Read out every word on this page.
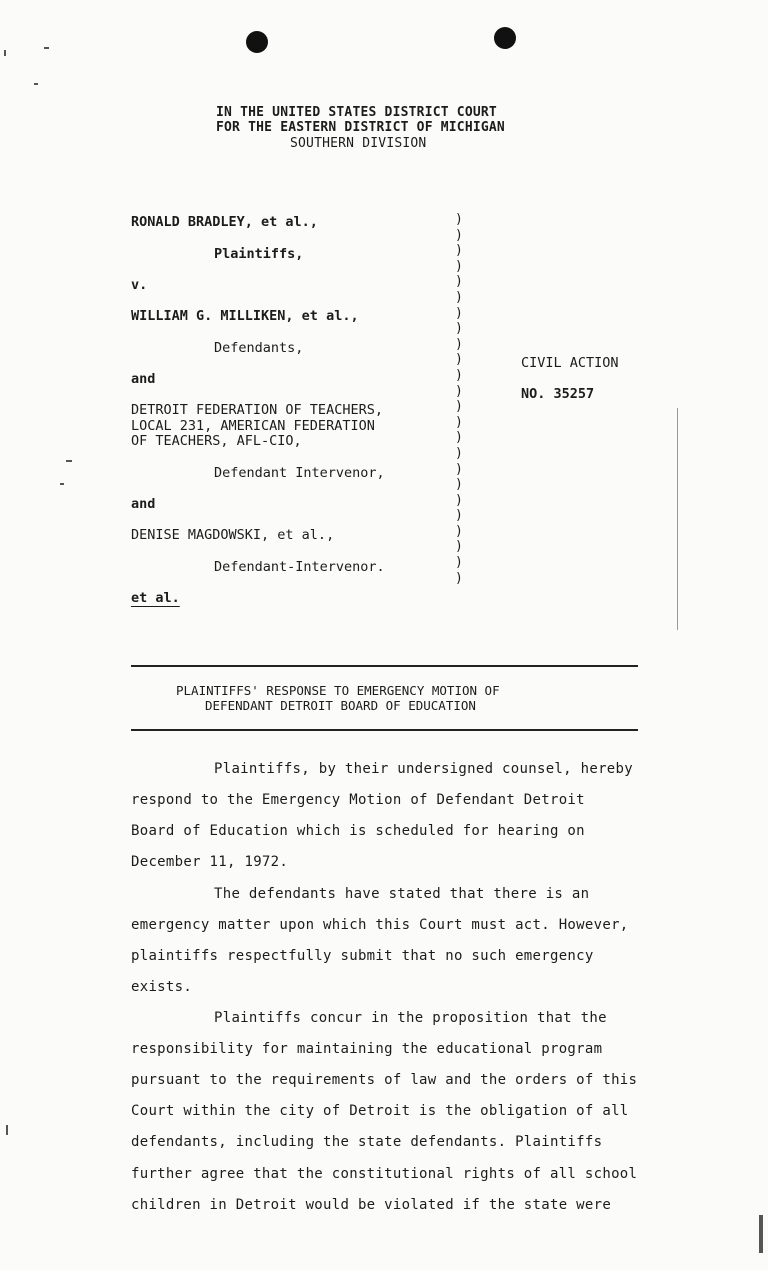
IN THE UNITED STATES DISTRICT COURT
FOR THE EASTERN DISTRICT OF MICHIGAN
SOUTHERN DIVISION
RONALD BRADLEY, et al.,
Plaintiffs,
v.
WILLIAM G. MILLIKEN, et al.,
Defendants,
and
DETROIT FEDERATION OF TEACHERS,
LOCAL 231, AMERICAN FEDERATION
OF TEACHERS, AFL-CIO,
Defendant Intervenor,
and
DENISE MAGDOWSKI, et al.,
Defendant-Intervenor.
et al.
)
)
)
)
)
)
)
)
)
)
)
)
)
)
)
)
)
)
)
)
)
)
)
)
CIVIL ACTION
NO. 35257
PLAINTIFFS' RESPONSE TO EMERGENCY MOTION OF
DEFENDANT DETROIT BOARD OF EDUCATION
Plaintiffs, by their undersigned counsel, hereby
respond to the Emergency Motion of Defendant Detroit
Board of Education which is scheduled for hearing on
December 11, 1972.
The defendants have stated that there is an
emergency matter upon which this Court must act. However,
plaintiffs respectfully submit that no such emergency
exists.
Plaintiffs concur in the proposition that the
responsibility for maintaining the educational program
pursuant to the requirements of law and the orders of this
Court within the city of Detroit is the obligation of all
defendants, including the state defendants. Plaintiffs
further agree that the constitutional rights of all school
children in Detroit would be violated if the state were
